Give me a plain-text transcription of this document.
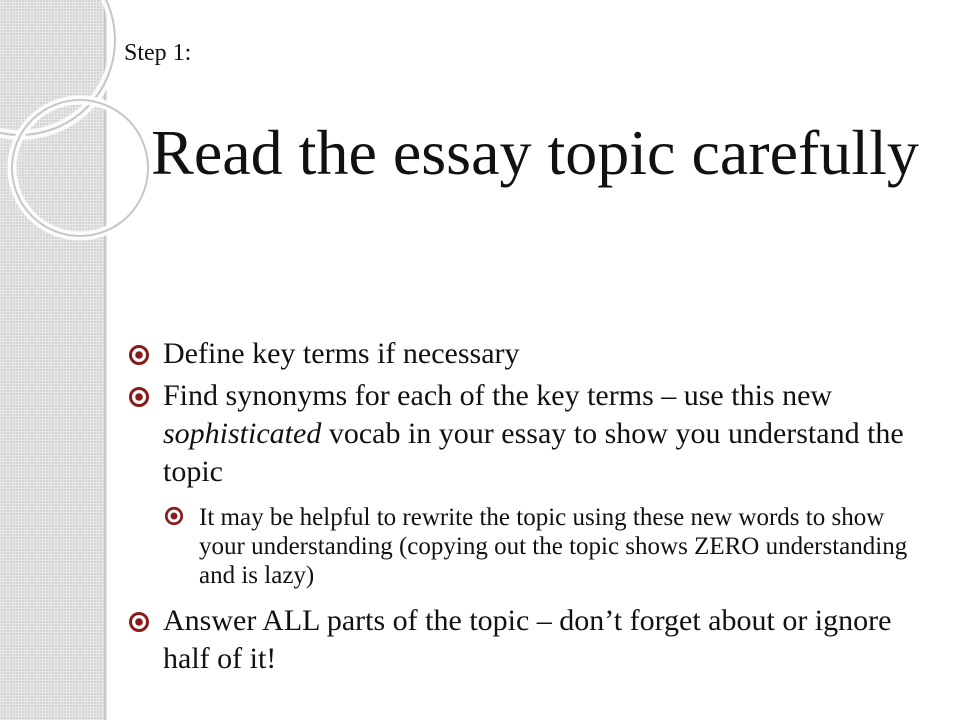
Step 1:

Read the essay topic carefully
Define key terms if necessary
Find synonyms for each of the key terms – use this new sophisticated vocab in your essay to show you understand the topic
It may be helpful to rewrite the topic using these new words to show your understanding (copying out the topic shows ZERO understanding and is lazy)
Answer ALL parts of the topic – don’t forget about or ignore half of it!
